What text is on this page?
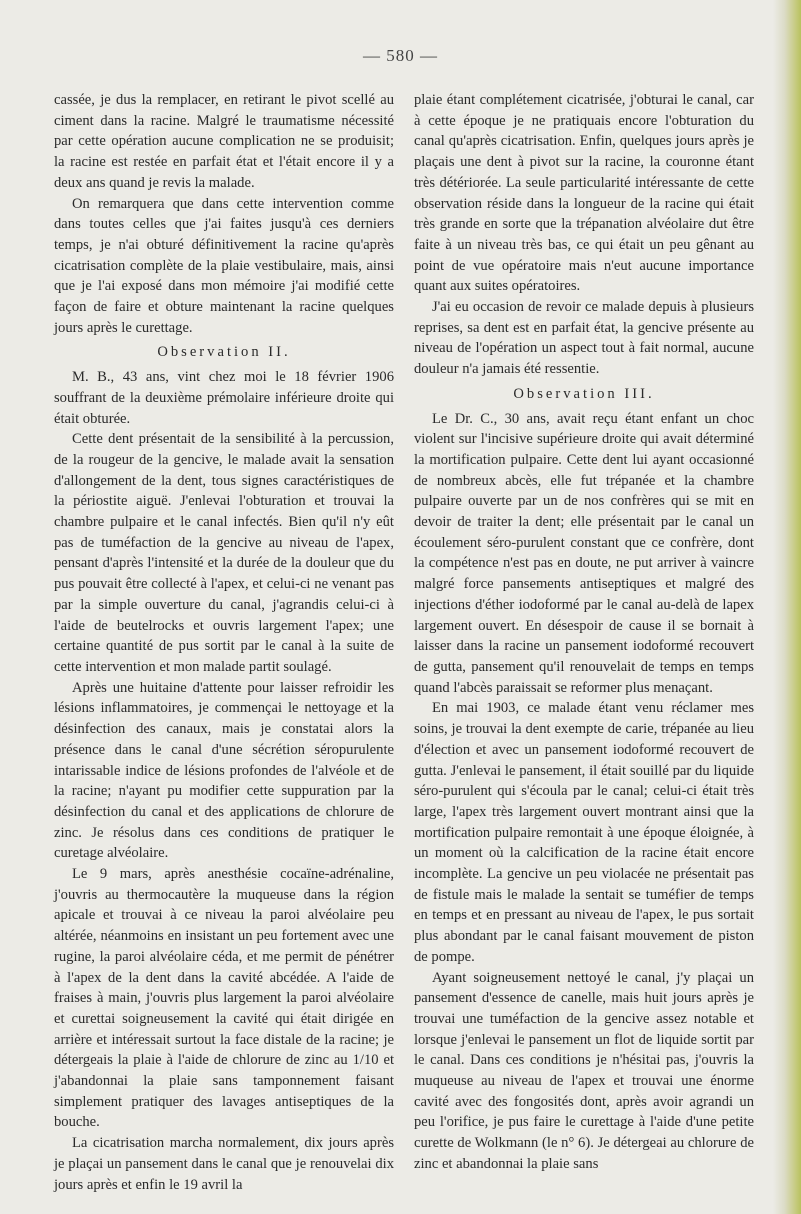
— 580 —

cassée, je dus la remplacer, en retirant le pivot scellé au ciment dans la racine. Malgré le traumatisme nécessité par cette opération aucune complication ne se produisit; la racine est restée en parfait état et l'était encore il y a deux ans quand je revis la malade.

On remarquera que dans cette intervention comme dans toutes celles que j'ai faites jusqu'à ces derniers temps, je n'ai obturé définitivement la racine qu'après cicatrisation complète de la plaie vestibulaire, mais, ainsi que je l'ai exposé dans mon mémoire j'ai modifié cette façon de faire et obture maintenant la racine quelques jours après le curettage.

Observation II.

M. B., 43 ans, vint chez moi le 18 février 1906 souffrant de la deuxième prémolaire inférieure droite qui était obturée.

Cette dent présentait de la sensibilité à la percussion, de la rougeur de la gencive, le malade avait la sensation d'allongement de la dent, tous signes caractéristiques de la périostite aiguë. J'enlevai l'obturation et trouvai la chambre pulpaire et le canal infectés. Bien qu'il n'y eût pas de tuméfaction de la gencive au niveau de l'apex, pensant d'après l'intensité et la durée de la douleur que du pus pouvait être collecté à l'apex, et celui-ci ne venant pas par la simple ouverture du canal, j'agrandis celui-ci à l'aide de beutelrocks et ouvris largement l'apex; une certaine quantité de pus sortit par le canal à la suite de cette intervention et mon malade partit soulagé.

Après une huitaine d'attente pour laisser refroidir les lésions inflammatoires, je commençai le nettoyage et la désinfection des canaux, mais je constatai alors la présence dans le canal d'une sécrétion séropurulente intarissable indice de lésions profondes de l'alvéole et de la racine; n'ayant pu modifier cette suppuration par la désinfection du canal et des applications de chlorure de zinc. Je résolus dans ces conditions de pratiquer le curetage alvéolaire.

Le 9 mars, après anesthésie cocaïne-adrénaline, j'ouvris au thermocautère la muqueuse dans la région apicale et trouvai à ce niveau la paroi alvéolaire peu altérée, néanmoins en insistant un peu fortement avec une rugine, la paroi alvéolaire céda, et me permit de pénétrer à l'apex de la dent dans la cavité abcédée. A l'aide de fraises à main, j'ouvris plus largement la paroi alvéolaire et curettai soigneusement la cavité qui était dirigée en arrière et intéressait surtout la face distale de la racine; je détergeais la plaie à l'aide de chlorure de zinc au 1/10 et j'abandonnai la plaie sans tamponnement faisant simplement pratiquer des lavages antiseptiques de la bouche.

La cicatrisation marcha normalement, dix jours après je plaçai un pansement dans le canal que je renouvelai dix jours après et enfin le 19 avril la

plaie étant complétement cicatrisée, j'obturai le canal, car à cette époque je ne pratiquais encore l'obturation du canal qu'après cicatrisation. Enfin, quelques jours après je plaçais une dent à pivot sur la racine, la couronne étant très détériorée. La seule particularité intéressante de cette observation réside dans la longueur de la racine qui était très grande en sorte que la trépanation alvéolaire dut être faite à un niveau très bas, ce qui était un peu gênant au point de vue opératoire mais n'eut aucune importance quant aux suites opératoires.

J'ai eu occasion de revoir ce malade depuis à plusieurs reprises, sa dent est en parfait état, la gencive présente au niveau de l'opération un aspect tout à fait normal, aucune douleur n'a jamais été ressentie.

Observation III.

Le Dr. C., 30 ans, avait reçu étant enfant un choc violent sur l'incisive supérieure droite qui avait déterminé la mortification pulpaire. Cette dent lui ayant occasionné de nombreux abcès, elle fut trépanée et la chambre pulpaire ouverte par un de nos confrères qui se mit en devoir de traiter la dent; elle présentait par le canal un écoulement séro-purulent constant que ce confrère, dont la compétence n'est pas en doute, ne put arriver à vaincre malgré force pansements antiseptiques et malgré des injections d'éther iodoformé par le canal au-delà de lapex largement ouvert. En désespoir de cause il se bornait à laisser dans la racine un pansement iodoformé recouvert de gutta, pansement qu'il renouvelait de temps en temps quand l'abcès paraissait se reformer plus menaçant.

En mai 1903, ce malade étant venu réclamer mes soins, je trouvai la dent exempte de carie, trépanée au lieu d'élection et avec un pansement iodoformé recouvert de gutta. J'enlevai le pansement, il était souillé par du liquide séro-purulent qui s'écoula par le canal; celui-ci était très large, l'apex très largement ouvert montrant ainsi que la mortification pulpaire remontait à une époque éloignée, à un moment où la calcification de la racine était encore incomplète. La gencive un peu violacée ne présentait pas de fistule mais le malade la sentait se tuméfier de temps en temps et en pressant au niveau de l'apex, le pus sortait plus abondant par le canal faisant mouvement de piston de pompe.

Ayant soigneusement nettoyé le canal, j'y plaçai un pansement d'essence de canelle, mais huit jours après je trouvai une tuméfaction de la gencive assez notable et lorsque j'enlevai le pansement un flot de liquide sortit par le canal. Dans ces conditions je n'hésitai pas, j'ouvris la muqueuse au niveau de l'apex et trouvai une énorme cavité avec des fongosités dont, après avoir agrandi un peu l'orifice, je pus faire le curettage à l'aide d'une petite curette de Wolkmann (le n° 6). Je détergeai au chlorure de zinc et abandonnai la plaie sans
